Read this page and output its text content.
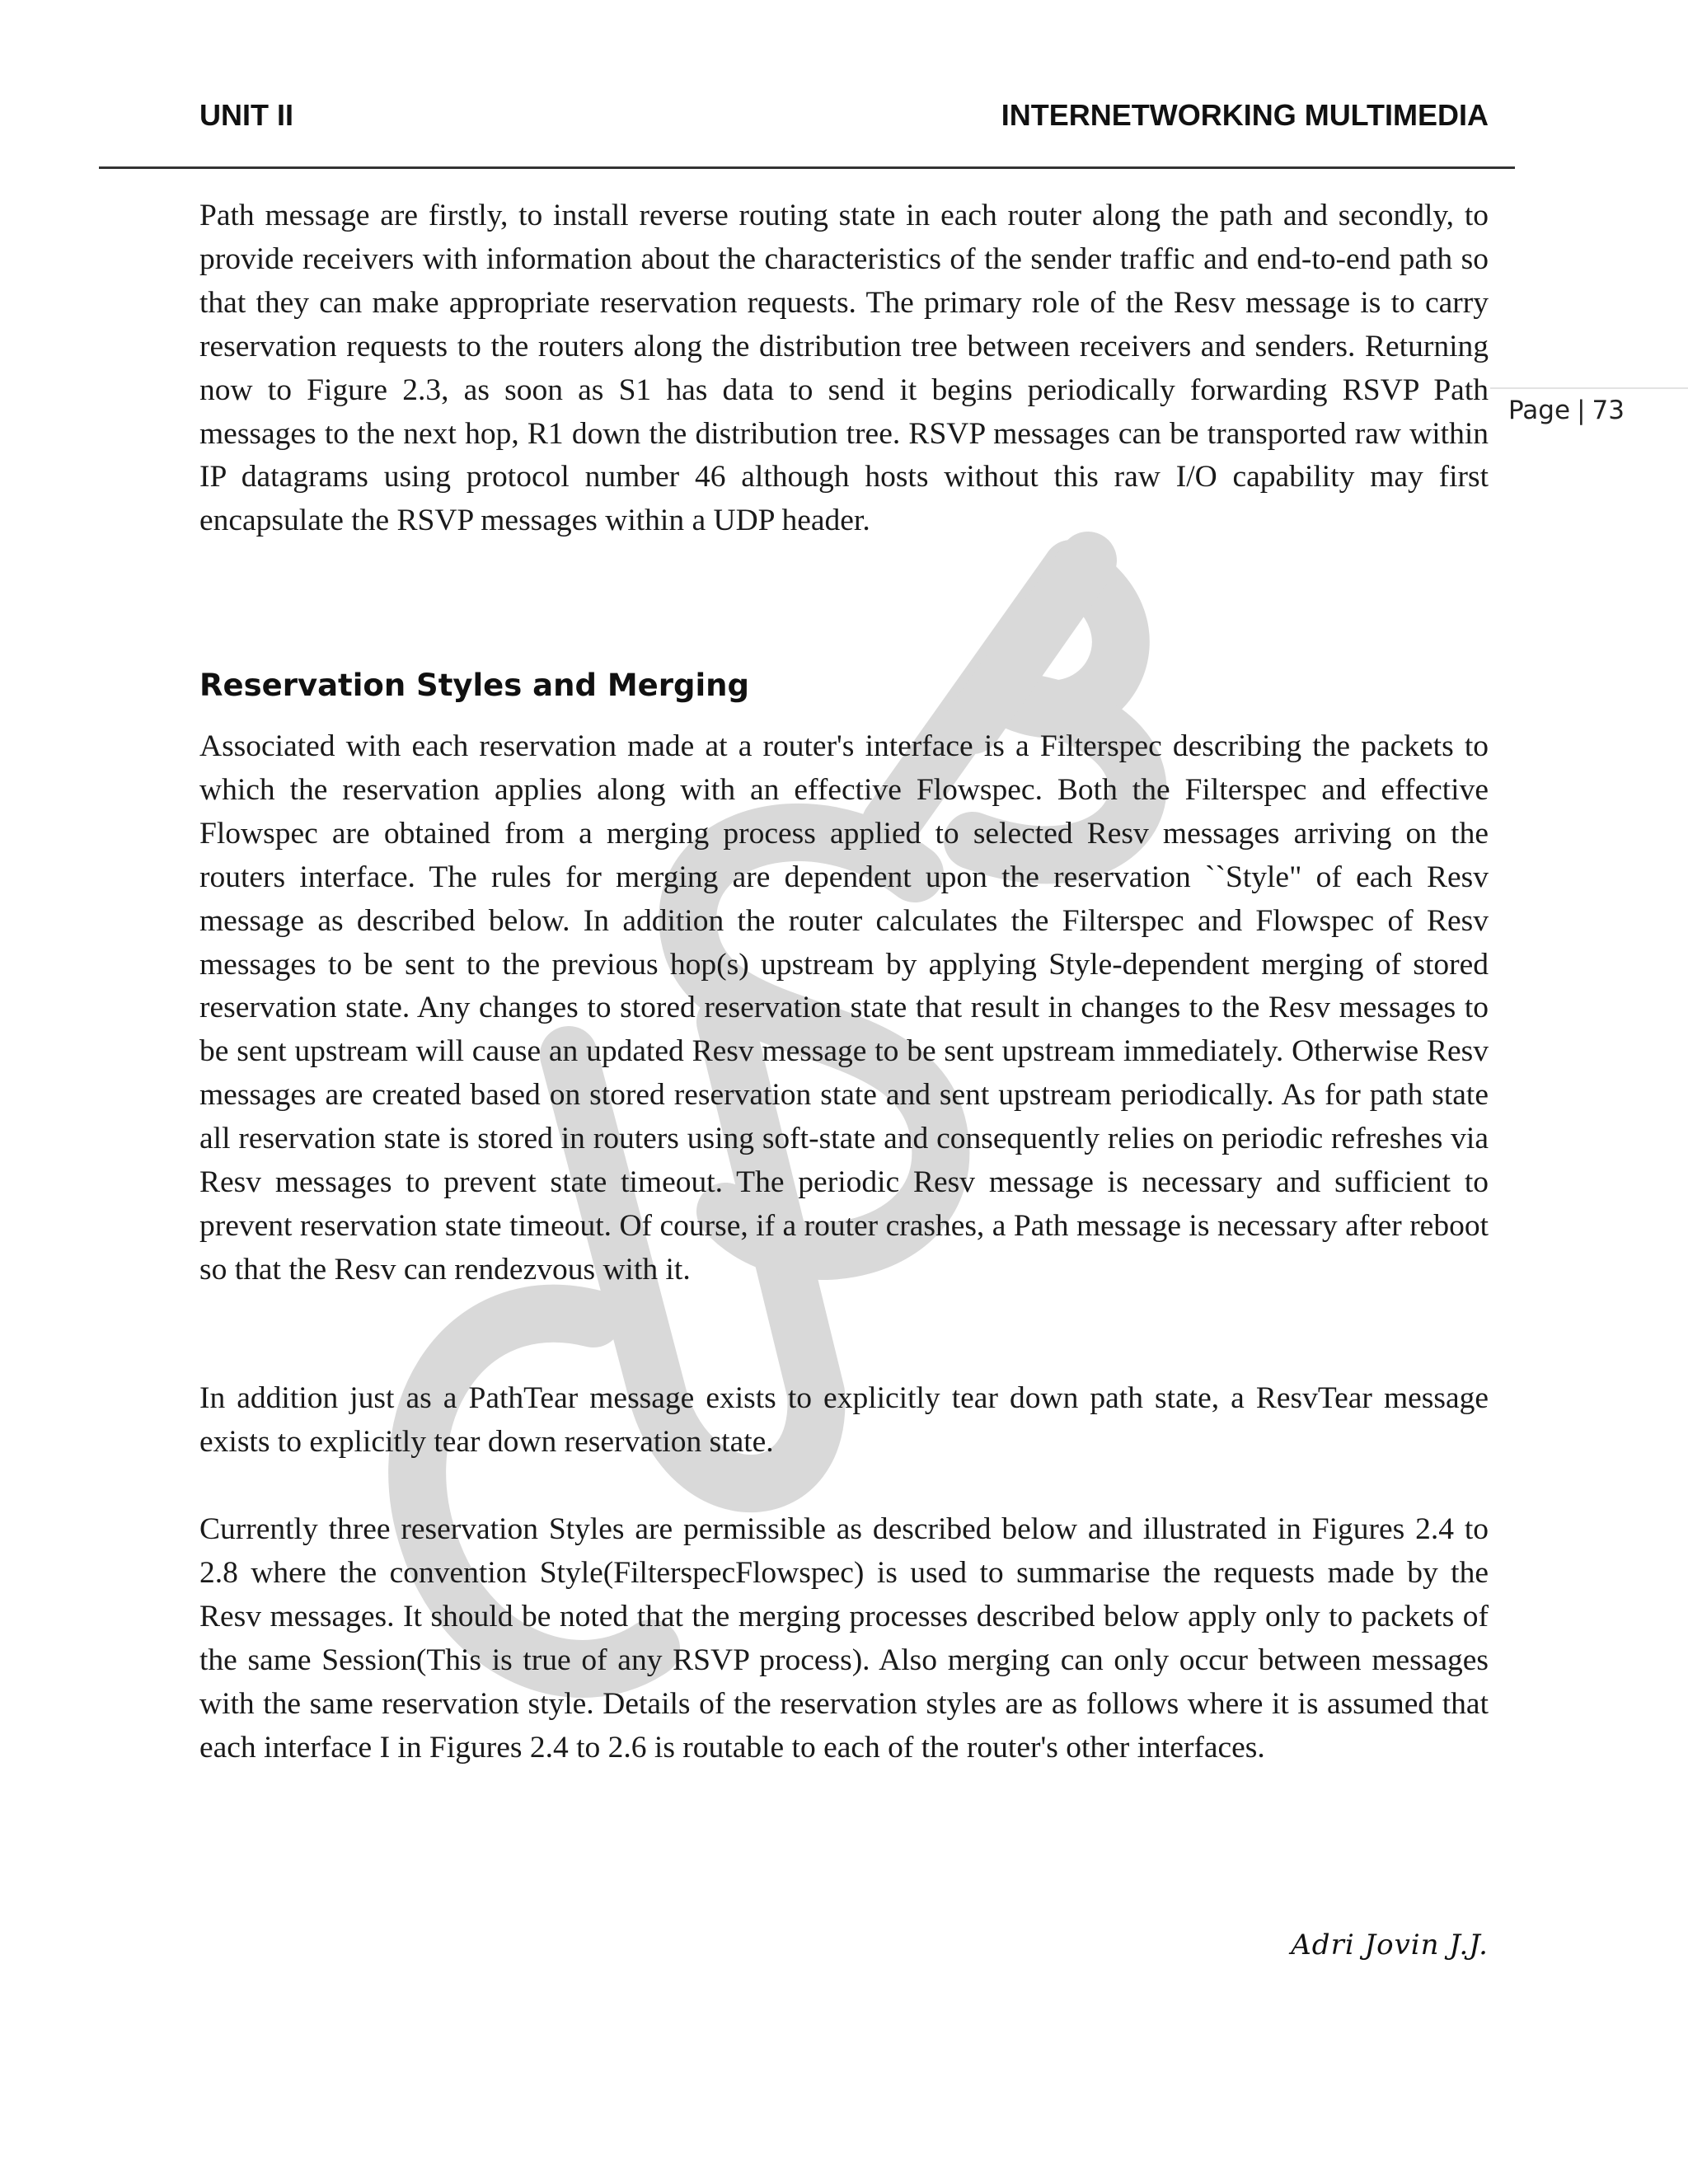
UNIT II	INTERNETWORKING MULTIMEDIA
Page | 73

Path message are firstly, to install reverse routing state in each router along the path and secondly, to provide receivers with information about the characteristics of the sender traffic and end-to-end path so that they can make appropriate reservation requests. The primary role of the Resv message is to carry reservation requests to the routers along the distribution tree between receivers and senders. Returning now to Figure 2.3, as soon as S1 has data to send it begins periodically forwarding RSVP Path messages to the next hop, R1 down the distribution tree. RSVP messages can be transported raw within IP datagrams using protocol number 46 although hosts without this raw I/O capability may first encapsulate the RSVP messages within a UDP header.

Reservation Styles and Merging

Associated with each reservation made at a router's interface is a Filterspec describing the packets to which the reservation applies along with an effective Flowspec. Both the Filterspec and effective Flowspec are obtained from a merging process applied to selected Resv messages arriving on the routers interface. The rules for merging are dependent upon the reservation ``Style" of each Resv message as described below. In addition the router calculates the Filterspec and Flowspec of Resv messages to be sent to the previous hop(s) upstream by applying Style-dependent merging of stored reservation state. Any changes to stored reservation state that result in changes to the Resv messages to be sent upstream will cause an updated Resv message to be sent upstream immediately. Otherwise Resv messages are created based on stored reservation state and sent upstream periodically. As for path state all reservation state is stored in routers using soft-state and consequently relies on periodic refreshes via Resv messages to prevent state timeout. The periodic Resv message is necessary and sufficient to prevent reservation state timeout. Of course, if a router crashes, a Path message is necessary after reboot so that the Resv can rendezvous with it.

In addition just as a PathTear message exists to explicitly tear down path state, a ResvTear message exists to explicitly tear down reservation state.

Currently three reservation Styles are permissible as described below and illustrated in Figures 2.4 to 2.8 where the convention Style(FilterspecFlowspec) is used to summarise the requests made by the Resv messages. It should be noted that the merging processes described below apply only to packets of the same Session(This is true of any RSVP process). Also merging can only occur between messages with the same reservation style. Details of the reservation styles are as follows where it is assumed that each interface I in Figures 2.4 to 2.6 is routable to each of the router's other interfaces.

Adri Jovin J.J.
